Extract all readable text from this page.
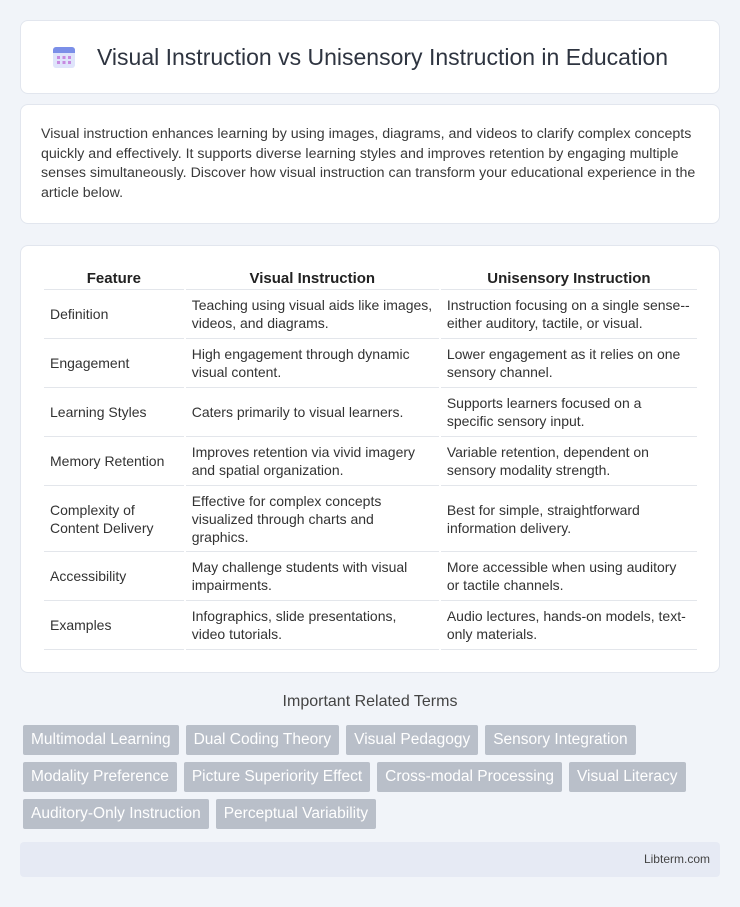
Visual Instruction vs Unisensory Instruction in Education

Visual instruction enhances learning by using images, diagrams, and videos to clarify complex concepts quickly and effectively. It supports diverse learning styles and improves retention by engaging multiple senses simultaneously. Discover how visual instruction can transform your educational experience in the article below.

Feature	Visual Instruction	Unisensory Instruction
Definition	Teaching using visual aids like images, videos, and diagrams.	Instruction focusing on a single sense--either auditory, tactile, or visual.
Engagement	High engagement through dynamic visual content.	Lower engagement as it relies on one sensory channel.
Learning Styles	Caters primarily to visual learners.	Supports learners focused on a specific sensory input.
Memory Retention	Improves retention via vivid imagery and spatial organization.	Variable retention, dependent on sensory modality strength.
Complexity of Content Delivery	Effective for complex concepts visualized through charts and graphics.	Best for simple, straightforward information delivery.
Accessibility	May challenge students with visual impairments.	More accessible when using auditory or tactile channels.
Examples	Infographics, slide presentations, video tutorials.	Audio lectures, hands-on models, text-only materials.
Important Related Terms
Multimodal Learning	Dual Coding Theory	Visual Pedagogy	Sensory Integration
Modality Preference	Picture Superiority Effect	Cross-modal Processing	Visual Literacy
Auditory-Only Instruction	Perceptual Variability
Libterm.com
